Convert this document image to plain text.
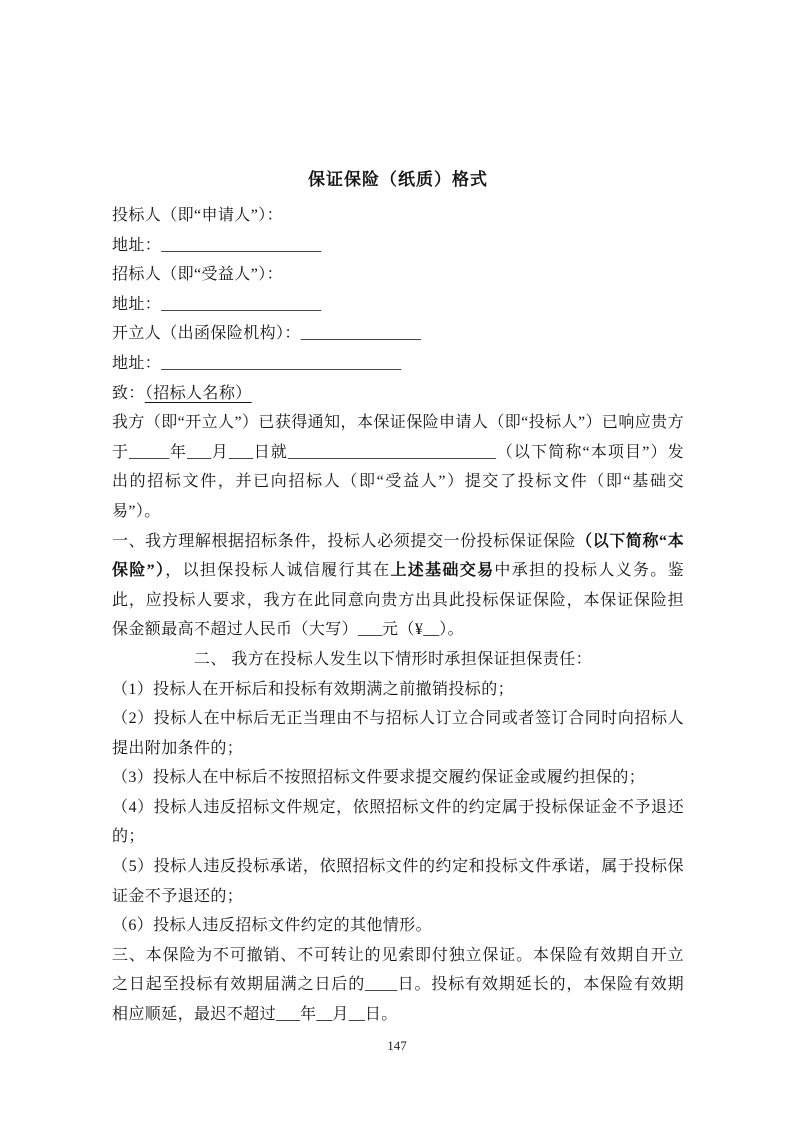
保证保险（纸质）格式

投标人（即“申请人”）：

地址：____________________

招标人（即“受益人”）：

地址：____________________

开立人（出函保险机构）：_______________

地址：______________________________

致：（招标人名称）

我方（即“开立人”）已获得通知，本保证保险申请人（即“投标人”）已响应贵方于_____年___月___日就__________________________（以下简称“本项目”）发出的招标文件，并已向招标人（即“受益人”）提交了投标文件（即“基础交易”）。

一、我方理解根据招标条件，投标人必须提交一份投标保证保险（以下简称“本保险”），以担保投标人诚信履行其在上述基础交易中承担的投标人义务。鉴此，应投标人要求，我方在此同意向贵方出具此投标保证保险，本保证保险担保金额最高不超过人民币（大写）___元（¥__）。

　　　　　二、 我方在投标人发生以下情形时承担保证担保责任：

（1）投标人在开标后和投标有效期满之前撤销投标的；

（2）投标人在中标后无正当理由不与招标人订立合同或者签订合同时向招标人提出附加条件的；

（3）投标人在中标后不按照招标文件要求提交履约保证金或履约担保的；

（4）投标人违反招标文件规定，依照招标文件的约定属于投标保证金不予退还的；

（5）投标人违反投标承诺，依照招标文件的约定和投标文件承诺，属于投标保证金不予退还的；

（6）投标人违反招标文件约定的其他情形。

三、本保险为不可撤销、不可转让的见索即付独立保证。本保险有效期自开立之日起至投标有效期届满之日后的____日。投标有效期延长的，本保险有效期相应顺延，最迟不超过___年__月__日。

147
